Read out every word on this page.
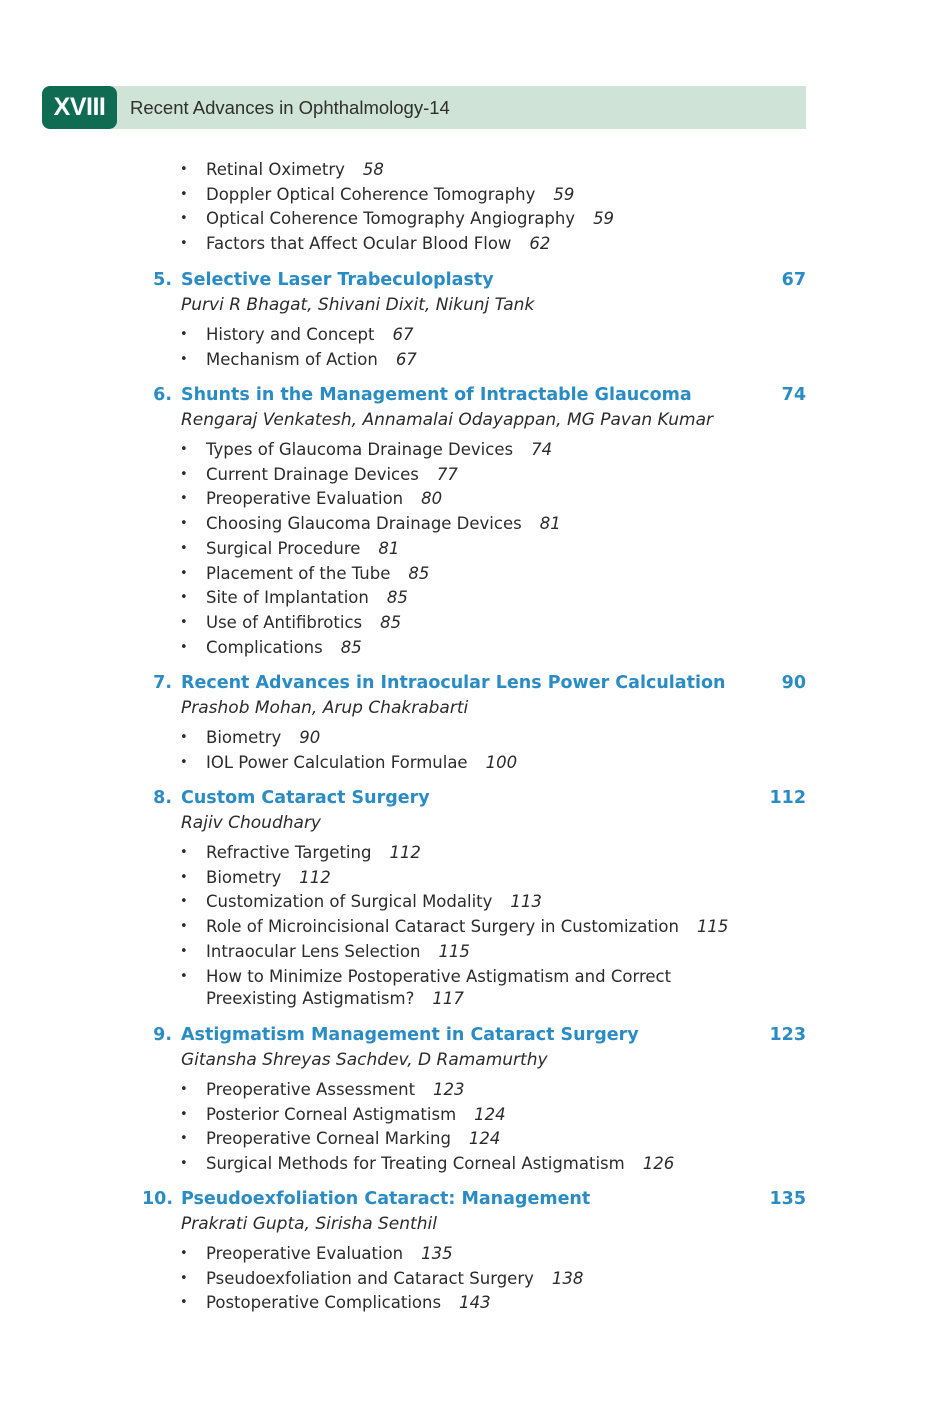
XVIII	Recent Advances in Ophthalmology-14
• Retinal Oximetry 58
• Doppler Optical Coherence Tomography 59
• Optical Coherence Tomography Angiography 59
• Factors that Affect Ocular Blood Flow 62
5. Selective Laser Trabeculoplasty	67
Purvi R Bhagat, Shivani Dixit, Nikunj Tank
• History and Concept 67
• Mechanism of Action 67
6. Shunts in the Management of Intractable Glaucoma	74
Rengaraj Venkatesh, Annamalai Odayappan, MG Pavan Kumar
• Types of Glaucoma Drainage Devices 74
• Current Drainage Devices 77
• Preoperative Evaluation 80
• Choosing Glaucoma Drainage Devices 81
• Surgical Procedure 81
• Placement of the Tube 85
• Site of Implantation 85
• Use of Antifibrotics 85
• Complications 85
7. Recent Advances in Intraocular Lens Power Calculation	90
Prashob Mohan, Arup Chakrabarti
• Biometry 90
• IOL Power Calculation Formulae 100
8. Custom Cataract Surgery	112
Rajiv Choudhary
• Refractive Targeting 112
• Biometry 112
• Customization of Surgical Modality 113
• Role of Microincisional Cataract Surgery in Customization 115
• Intraocular Lens Selection 115
• How to Minimize Postoperative Astigmatism and Correct Preexisting Astigmatism? 117
9. Astigmatism Management in Cataract Surgery	123
Gitansha Shreyas Sachdev, D Ramamurthy
• Preoperative Assessment 123
• Posterior Corneal Astigmatism 124
• Preoperative Corneal Marking 124
• Surgical Methods for Treating Corneal Astigmatism 126
10. Pseudoexfoliation Cataract: Management	135
Prakrati Gupta, Sirisha Senthil
• Preoperative Evaluation 135
• Pseudoexfoliation and Cataract Surgery 138
• Postoperative Complications 143
